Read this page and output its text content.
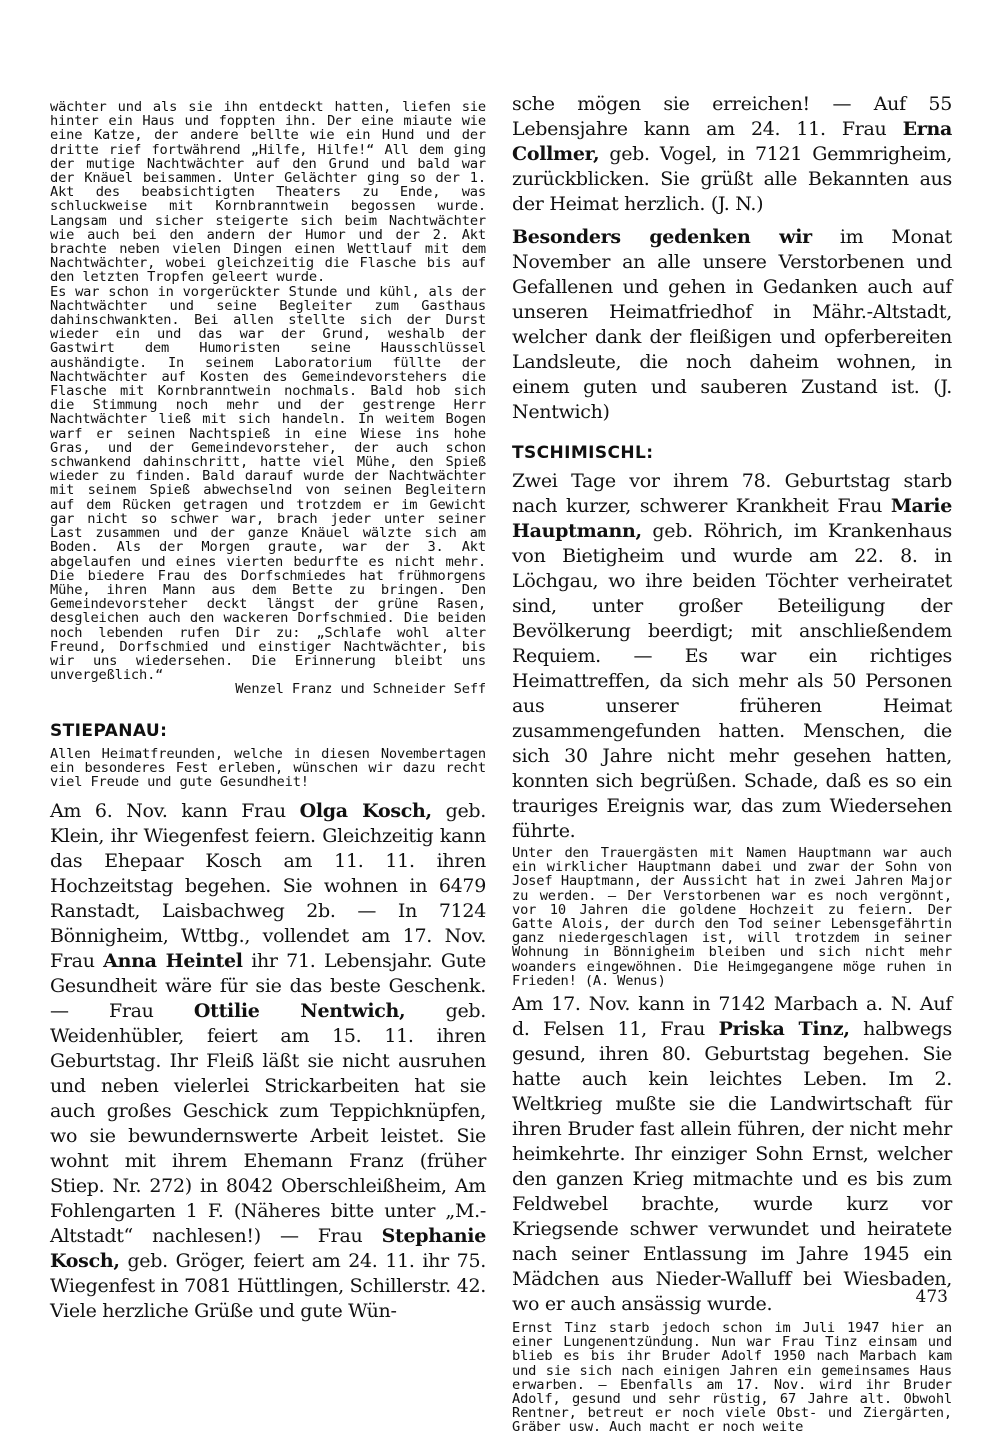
wächter und als sie ihn entdeckt hatten, liefen sie hinter ein Haus und foppten ihn. Der eine miaute wie eine Katze, der andere bellte wie ein Hund und der dritte rief fortwährend „Hilfe, Hilfe!“ All dem ging der mutige Nachtwächter auf den Grund und bald war der Knäuel beisammen. Unter Gelächter ging so der 1. Akt des beabsichtigten Theaters zu Ende, was schluckweise mit Kornbranntwein begossen wurde. Langsam und sicher steigerte sich beim Nachtwächter wie auch bei den andern der Humor und der 2. Akt brachte neben vielen Dingen einen Wettlauf mit dem Nachtwächter, wobei gleichzeitig die Flasche bis auf den letzten Tropfen geleert wurde.

Es war schon in vorgerückter Stunde und kühl, als der Nachtwächter und seine Begleiter zum Gasthaus dahinschwankten. Bei allen stellte sich der Durst wieder ein und das war der Grund, weshalb der Gastwirt dem Humoristen seine Hausschlüssel aushändigte. In seinem Laboratorium füllte der Nachtwächter auf Kosten des Gemeindevorstehers die Flasche mit Kornbranntwein nochmals. Bald hob sich die Stimmung noch mehr und der gestrenge Herr Nachtwächter ließ mit sich handeln. In weitem Bogen warf er seinen Nachtspieß in eine Wiese ins hohe Gras, und der Gemeindevorsteher, der auch schon schwankend dahinschritt, hatte viel Mühe, den Spieß wieder zu finden. Bald darauf wurde der Nachtwächter mit seinem Spieß abwechselnd von seinen Begleitern auf dem Rücken getragen und trotzdem er im Gewicht gar nicht so schwer war, brach jeder unter seiner Last zusammen und der ganze Knäuel wälzte sich am Boden. Als der Morgen graute, war der 3. Akt abgelaufen und eines vierten bedurfte es nicht mehr. Die biedere Frau des Dorfschmiedes hat frühmorgens Mühe, ihren Mann aus dem Bette zu bringen. Den Gemeindevorsteher deckt längst der grüne Rasen, desgleichen auch den wackeren Dorfschmied. Die beiden noch lebenden rufen Dir zu: „Schlafe wohl alter Freund, Dorfschmied und einstiger Nachtwächter, bis wir uns wiedersehen. Die Erinnerung bleibt uns unvergeßlich.“

Wenzel Franz und Schneider Seff

STIEPANAU:

Allen Heimatfreunden, welche in diesen Novembertagen ein besonderes Fest erleben, wünschen wir dazu recht viel Freude und gute Gesundheit!

Am 6. Nov. kann Frau Olga Kosch, geb. Klein, ihr Wiegenfest feiern. Gleichzeitig kann das Ehepaar Kosch am 11. 11. ihren Hochzeitstag begehen. Sie wohnen in 6479 Ranstadt, Laisbachweg 2b. — In 7124 Bönnigheim, Wttbg., vollendet am 17. Nov. Frau Anna Heintel ihr 71. Lebensjahr. Gute Gesundheit wäre für sie das beste Geschenk. — Frau Ottilie Nentwich, geb. Weidenhübler, feiert am 15. 11. ihren Geburtstag. Ihr Fleiß läßt sie nicht ausruhen und neben vielerlei Strickarbeiten hat sie auch großes Geschick zum Teppichknüpfen, wo sie bewundernswerte Arbeit leistet. Sie wohnt mit ihrem Ehemann Franz (früher Stiep. Nr. 272) in 8042 Oberschleißheim, Am Fohlengarten 1 F. (Näheres bitte unter „M.-Altstadt“ nachlesen!) — Frau Stephanie Kosch, geb. Gröger, feiert am 24. 11. ihr 75. Wiegenfest in 7081 Hüttlingen, Schillerstr. 42. Viele herzliche Grüße und gute Wün-

sche mögen sie erreichen! — Auf 55 Lebensjahre kann am 24. 11. Frau Erna Collmer, geb. Vogel, in 7121 Gemmrigheim, zurückblicken. Sie grüßt alle Bekannten aus der Heimat herzlich. (J. N.)

Besonders gedenken wir im Monat November an alle unsere Verstorbenen und Gefallenen und gehen in Gedanken auch auf unseren Heimatfriedhof in Mähr.-Altstadt, welcher dank der fleißigen und opferbereiten Landsleute, die noch daheim wohnen, in einem guten und sauberen Zustand ist. (J. Nentwich)

TSCHIMISCHL:

Zwei Tage vor ihrem 78. Geburtstag starb nach kurzer, schwerer Krankheit Frau Marie Hauptmann, geb. Röhrich, im Krankenhaus von Bietigheim und wurde am 22. 8. in Löchgau, wo ihre beiden Töchter verheiratet sind, unter großer Beteiligung der Bevölkerung beerdigt; mit anschließendem Requiem. — Es war ein richtiges Heimattreffen, da sich mehr als 50 Personen aus unserer früheren Heimat zusammengefunden hatten. Menschen, die sich 30 Jahre nicht mehr gesehen hatten, konnten sich begrüßen. Schade, daß es so ein trauriges Ereignis war, das zum Wiedersehen führte.

Unter den Trauergästen mit Namen Hauptmann war auch ein wirklicher Hauptmann dabei und zwar der Sohn von Josef Hauptmann, der Aussicht hat in zwei Jahren Major zu werden. — Der Verstorbenen war es noch vergönnt, vor 10 Jahren die goldene Hochzeit zu feiern. Der Gatte Alois, der durch den Tod seiner Lebensgefährtin ganz niedergeschlagen ist, will trotzdem in seiner Wohnung in Bönnigheim bleiben und sich nicht mehr woanders eingewöhnen. Die Heimgegangene möge ruhen in Frieden! (A. Wenus)

Am 17. Nov. kann in 7142 Marbach a. N. Auf d. Felsen 11, Frau Priska Tinz, halbwegs gesund, ihren 80. Geburtstag begehen. Sie hatte auch kein leichtes Leben. Im 2. Weltkrieg mußte sie die Landwirtschaft für ihren Bruder fast allein führen, der nicht mehr heimkehrte. Ihr einziger Sohn Ernst, welcher den ganzen Krieg mitmachte und es bis zum Feldwebel brachte, wurde kurz vor Kriegsende schwer verwundet und heiratete nach seiner Entlassung im Jahre 1945 ein Mädchen aus Nieder-Walluff bei Wiesbaden, wo er auch ansässig wurde.

Ernst Tinz starb jedoch schon im Juli 1947 hier an einer Lungenentzündung. Nun war Frau Tinz einsam und blieb es bis ihr Bruder Adolf 1950 nach Marbach kam und sie sich nach einigen Jahren ein gemeinsames Haus erwarben. — Ebenfalls am 17. Nov. wird ihr Bruder Adolf, gesund und sehr rüstig, 67 Jahre alt. Obwohl Rentner, betreut er noch viele Obst- und Ziergärten, Gräber usw. Auch macht er noch weite

473
